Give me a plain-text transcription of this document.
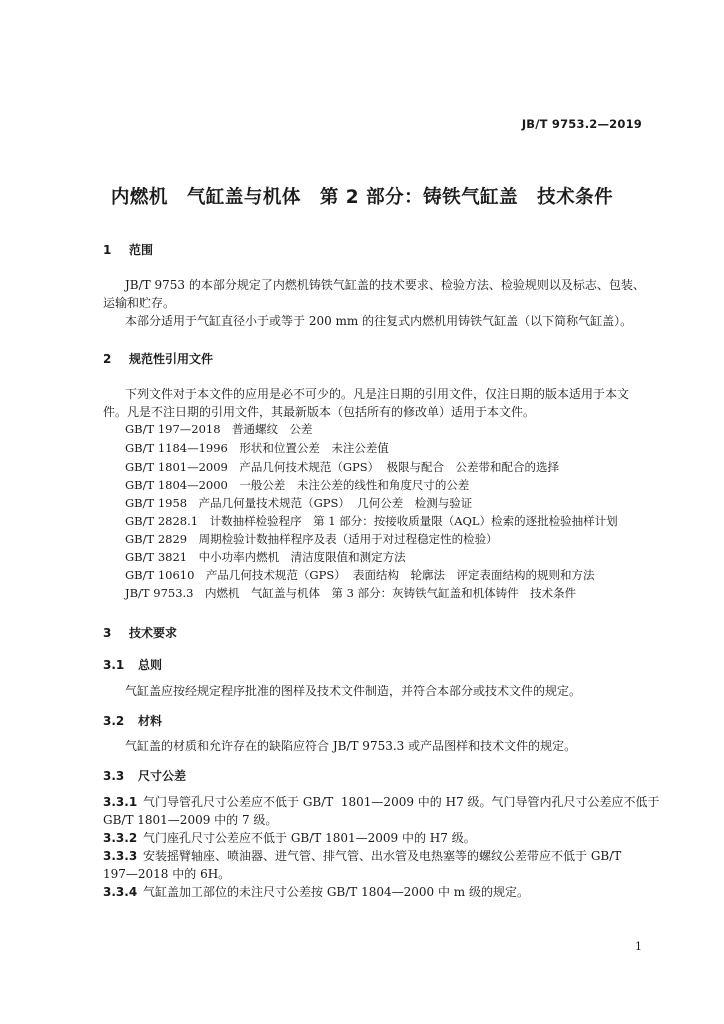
JB/T 9753.2—2019
内燃机　气缸盖与机体　第 2 部分：铸铁气缸盖　技术条件
1 范围
JB/T 9753 的本部分规定了内燃机铸铁气缸盖的技术要求、检验方法、检验规则以及标志、包装、
运输和贮存。
本部分适用于气缸直径小于或等于 200 mm 的往复式内燃机用铸铁气缸盖（以下简称气缸盖）。
2 规范性引用文件
下列文件对于本文件的应用是必不可少的。凡是注日期的引用文件，仅注日期的版本适用于本文
件。凡是不注日期的引用文件，其最新版本（包括所有的修改单）适用于本文件。
GB/T 197—2018　普通螺纹　公差
GB/T 1184—1996　形状和位置公差　未注公差值
GB/T 1801—2009　产品几何技术规范（GPS）  极限与配合　公差带和配合的选择
GB/T 1804—2000　一般公差　未注公差的线性和角度尺寸的公差
GB/T 1958　产品几何量技术规范（GPS）  几何公差　检测与验证
GB/T 2828.1　计数抽样检验程序　第 1 部分：按接收质量限（AQL）检索的逐批检验抽样计划
GB/T 2829　周期检验计数抽样程序及表（适用于对过程稳定性的检验）
GB/T 3821　中小功率内燃机　清洁度限值和测定方法
GB/T 10610　产品几何技术规范（GPS）  表面结构　轮廓法　评定表面结构的规则和方法
JB/T 9753.3　内燃机　气缸盖与机体　第 3 部分：灰铸铁气缸盖和机体铸件　技术条件
3 技术要求
3.1 总则
气缸盖应按经规定程序批准的图样及技术文件制造，并符合本部分或技术文件的规定。
3.2 材料
气缸盖的材质和允许存在的缺陷应符合 JB/T 9753.3 或产品图样和技术文件的规定。
3.3 尺寸公差
3.3.1 气门导管孔尺寸公差应不低于 GB/T  1801—2009 中的 H7 级。气门导管内孔尺寸公差应不低于
GB/T 1801—2009 中的 7 级。
3.3.2 气门座孔尺寸公差应不低于 GB/T 1801—2009 中的 H7 级。
3.3.3 安装摇臂轴座、喷油器、进气管、排气管、出水管及电热塞等的螺纹公差带应不低于 GB/T
197—2018 中的 6H。
3.3.4 气缸盖加工部位的未注尺寸公差按 GB/T 1804—2000 中 m 级的规定。
1
